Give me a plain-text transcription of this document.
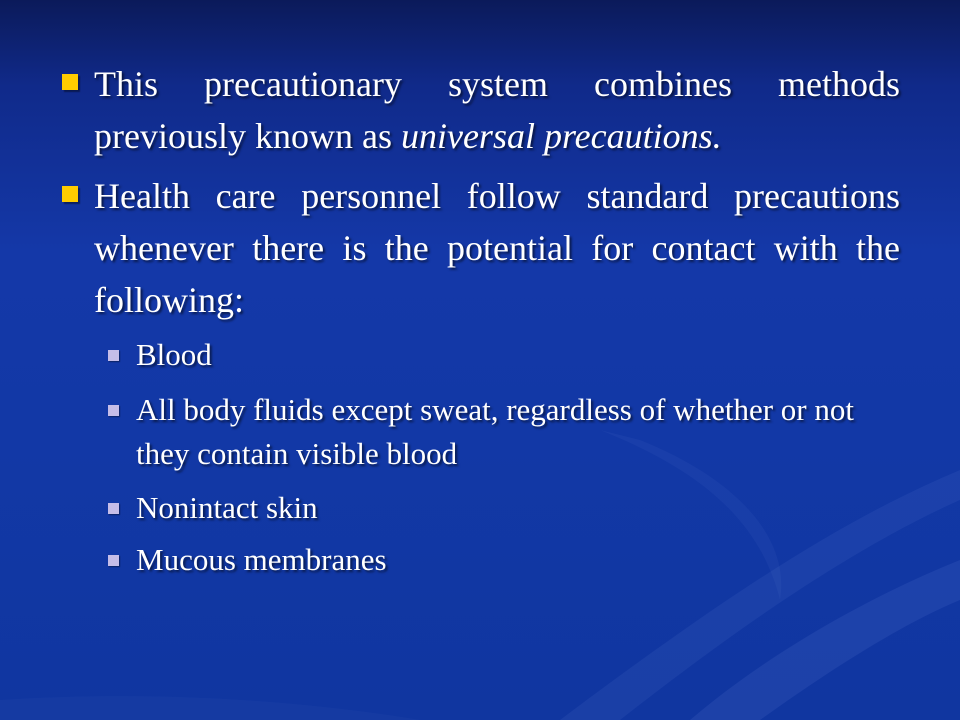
This precautionary system combines methods previously known as universal precautions.
Health care personnel follow standard precautions whenever there is the potential for contact with the following:
Blood
All body fluids except sweat, regardless of whether or not they contain visible blood
Nonintact skin
Mucous membranes
